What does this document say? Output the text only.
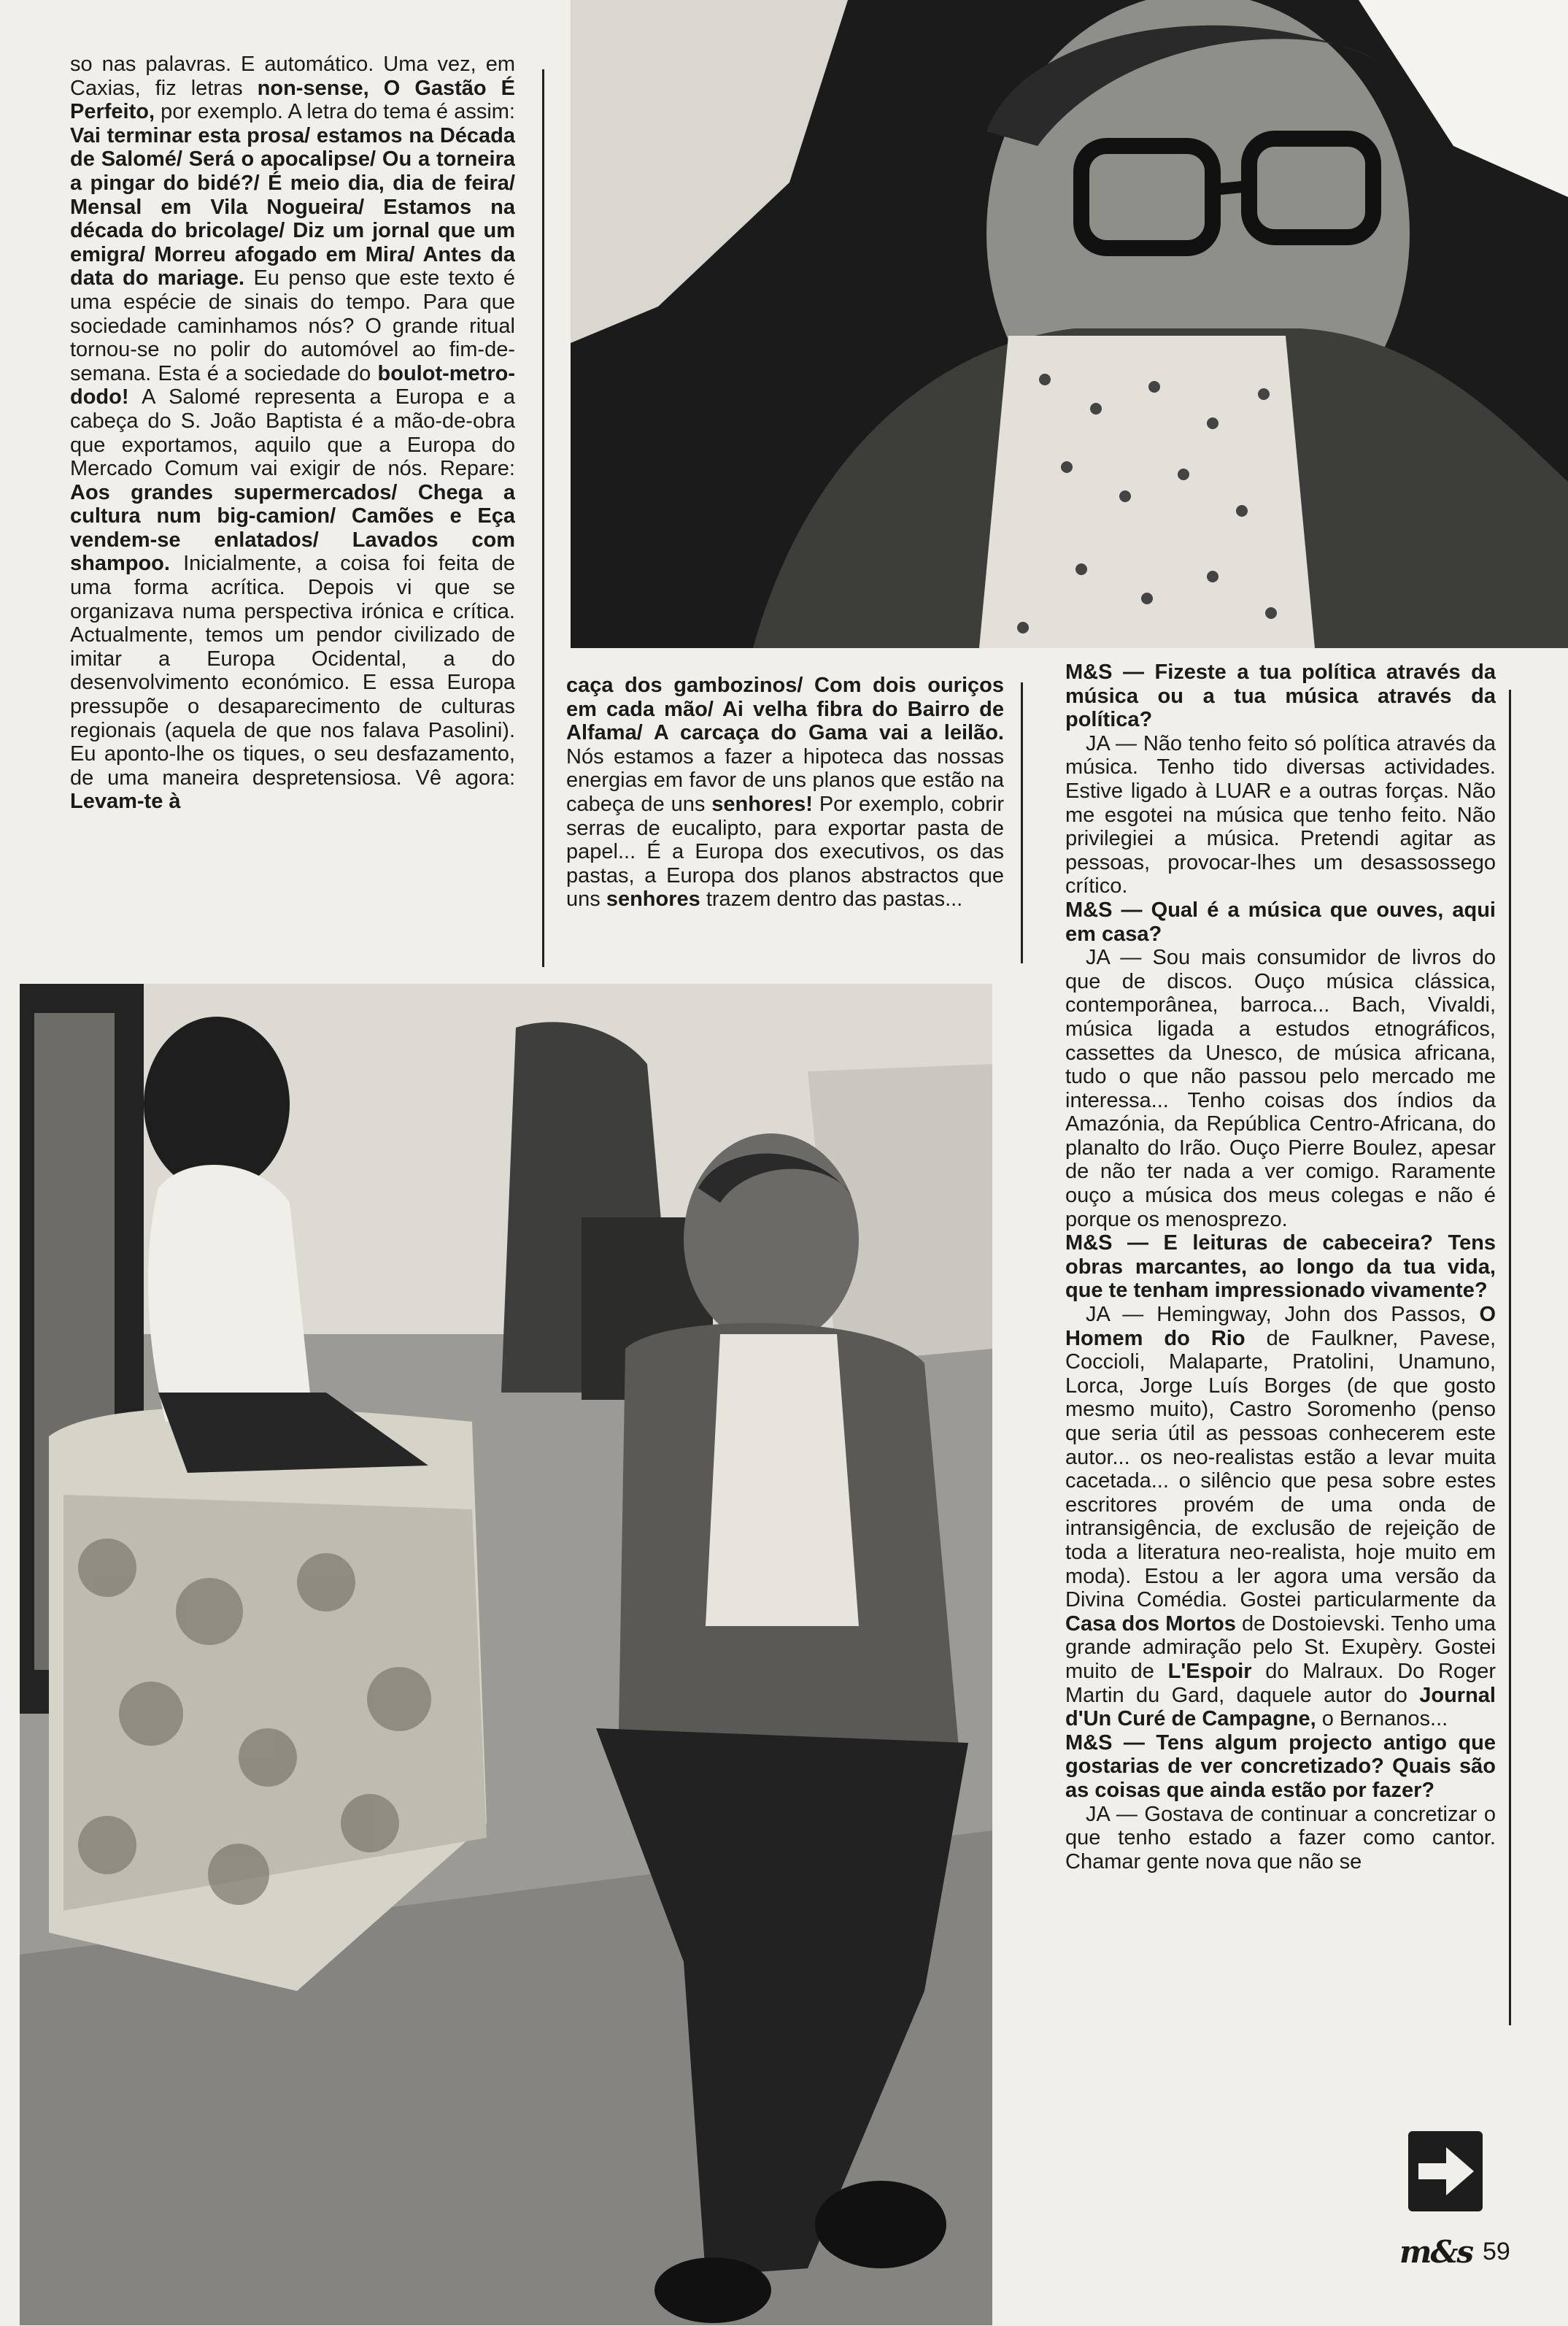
so nas palavras. E automático. Uma vez, em Caxias, fiz letras non-sense, O Gastão É Perfeito, por exemplo. A letra do tema é assim: Vai terminar esta prosa/ estamos na Década de Salomé/ Será o apocalipse/ Ou a torneira a pingar do bidé?/ É meio dia, dia de feira/ Mensal em Vila Nogueira/ Estamos na década do bricolage/ Diz um jornal que um emigra/ Morreu afogado em Mira/ Antes da data do mariage. Eu penso que este texto é uma espécie de sinais do tempo. Para que sociedade caminhamos nós? O grande ritual tornou-se no polir do automóvel ao fim-de-semana. Esta é a sociedade do boulot-metro-dodo! A Salomé representa a Europa e a cabeça do S. João Baptista é a mão-de-obra que exportamos, aquilo que a Europa do Mercado Comum vai exigir de nós. Repare: Aos grandes supermercados/ Chega a cultura num big-camion/ Camões e Eça vendem-se enlatados/ Lavados com shampoo. Inicialmente, a coisa foi feita de uma forma acrítica. Depois vi que se organizava numa perspectiva irónica e crítica. Actualmente, temos um pendor civilizado de imitar a Europa Ocidental, a do desenvolvimento económico. E essa Europa pressupõe o desaparecimento de culturas regionais (aquela de que nos falava Pasolini). Eu aponto-lhe os tiques, o seu desfazamento, de uma maneira despretensiosa. Vê agora: Levam-te à

caça dos gambozinos/ Com dois ouriços em cada mão/ Ai velha fibra do Bairro de Alfama/ A carcaça do Gama vai a leilão. Nós estamos a fazer a hipoteca das nossas energias em favor de uns planos que estão na cabeça de uns senhores! Por exemplo, cobrir serras de eucalipto, para exportar pasta de papel... É a Europa dos executivos, os das pastas, a Europa dos planos abstractos que uns senhores trazem dentro das pastas...

M&S — Fizeste a tua política através da música ou a tua música através da política?

JA — Não tenho feito só política através da música. Tenho tido diversas actividades. Estive ligado à LUAR e a outras forças. Não me esgotei na música que tenho feito. Não privilegiei a música. Pretendi agitar as pessoas, provocar-lhes um desassossego crítico.

M&S — Qual é a música que ouves, aqui em casa?

JA — Sou mais consumidor de livros do que de discos. Ouço música clássica, contemporânea, barroca... Bach, Vivaldi, música ligada a estudos etnográficos, cassettes da Unesco, de música africana, tudo o que não passou pelo mercado me interessa... Tenho coisas dos índios da Amazónia, da República Centro-Africana, do planalto do Irão. Ouço Pierre Boulez, apesar de não ter nada a ver comigo. Raramente ouço a música dos meus colegas e não é porque os menosprezo.

M&S — E leituras de cabeceira? Tens obras marcantes, ao longo da tua vida, que te tenham impressionado vivamente?

JA — Hemingway, John dos Passos, O Homem do Rio de Faulkner, Pavese, Coccioli, Malaparte, Pratolini, Unamuno, Lorca, Jorge Luís Borges (de que gosto mesmo muito), Castro Soromenho (penso que seria útil as pessoas conhecerem este autor... os neo-realistas estão a levar muita cacetada... o silêncio que pesa sobre estes escritores provém de uma onda de intransigência, de exclusão de rejeição de toda a literatura neo-realista, hoje muito em moda). Estou a ler agora uma versão da Divina Comédia. Gostei particularmente da Casa dos Mortos de Dostoievski. Tenho uma grande admiração pelo St. Exupèry. Gostei muito de L'Espoir do Malraux. Do Roger Martin du Gard, daquele autor do Journal d'Un Curé de Campagne, o Bernanos...

M&S — Tens algum projecto antigo que gostarias de ver concretizado? Quais são as coisas que ainda estão por fazer?

JA — Gostava de continuar a concretizar o que tenho estado a fazer como cantor. Chamar gente nova que não se

m&s 59
